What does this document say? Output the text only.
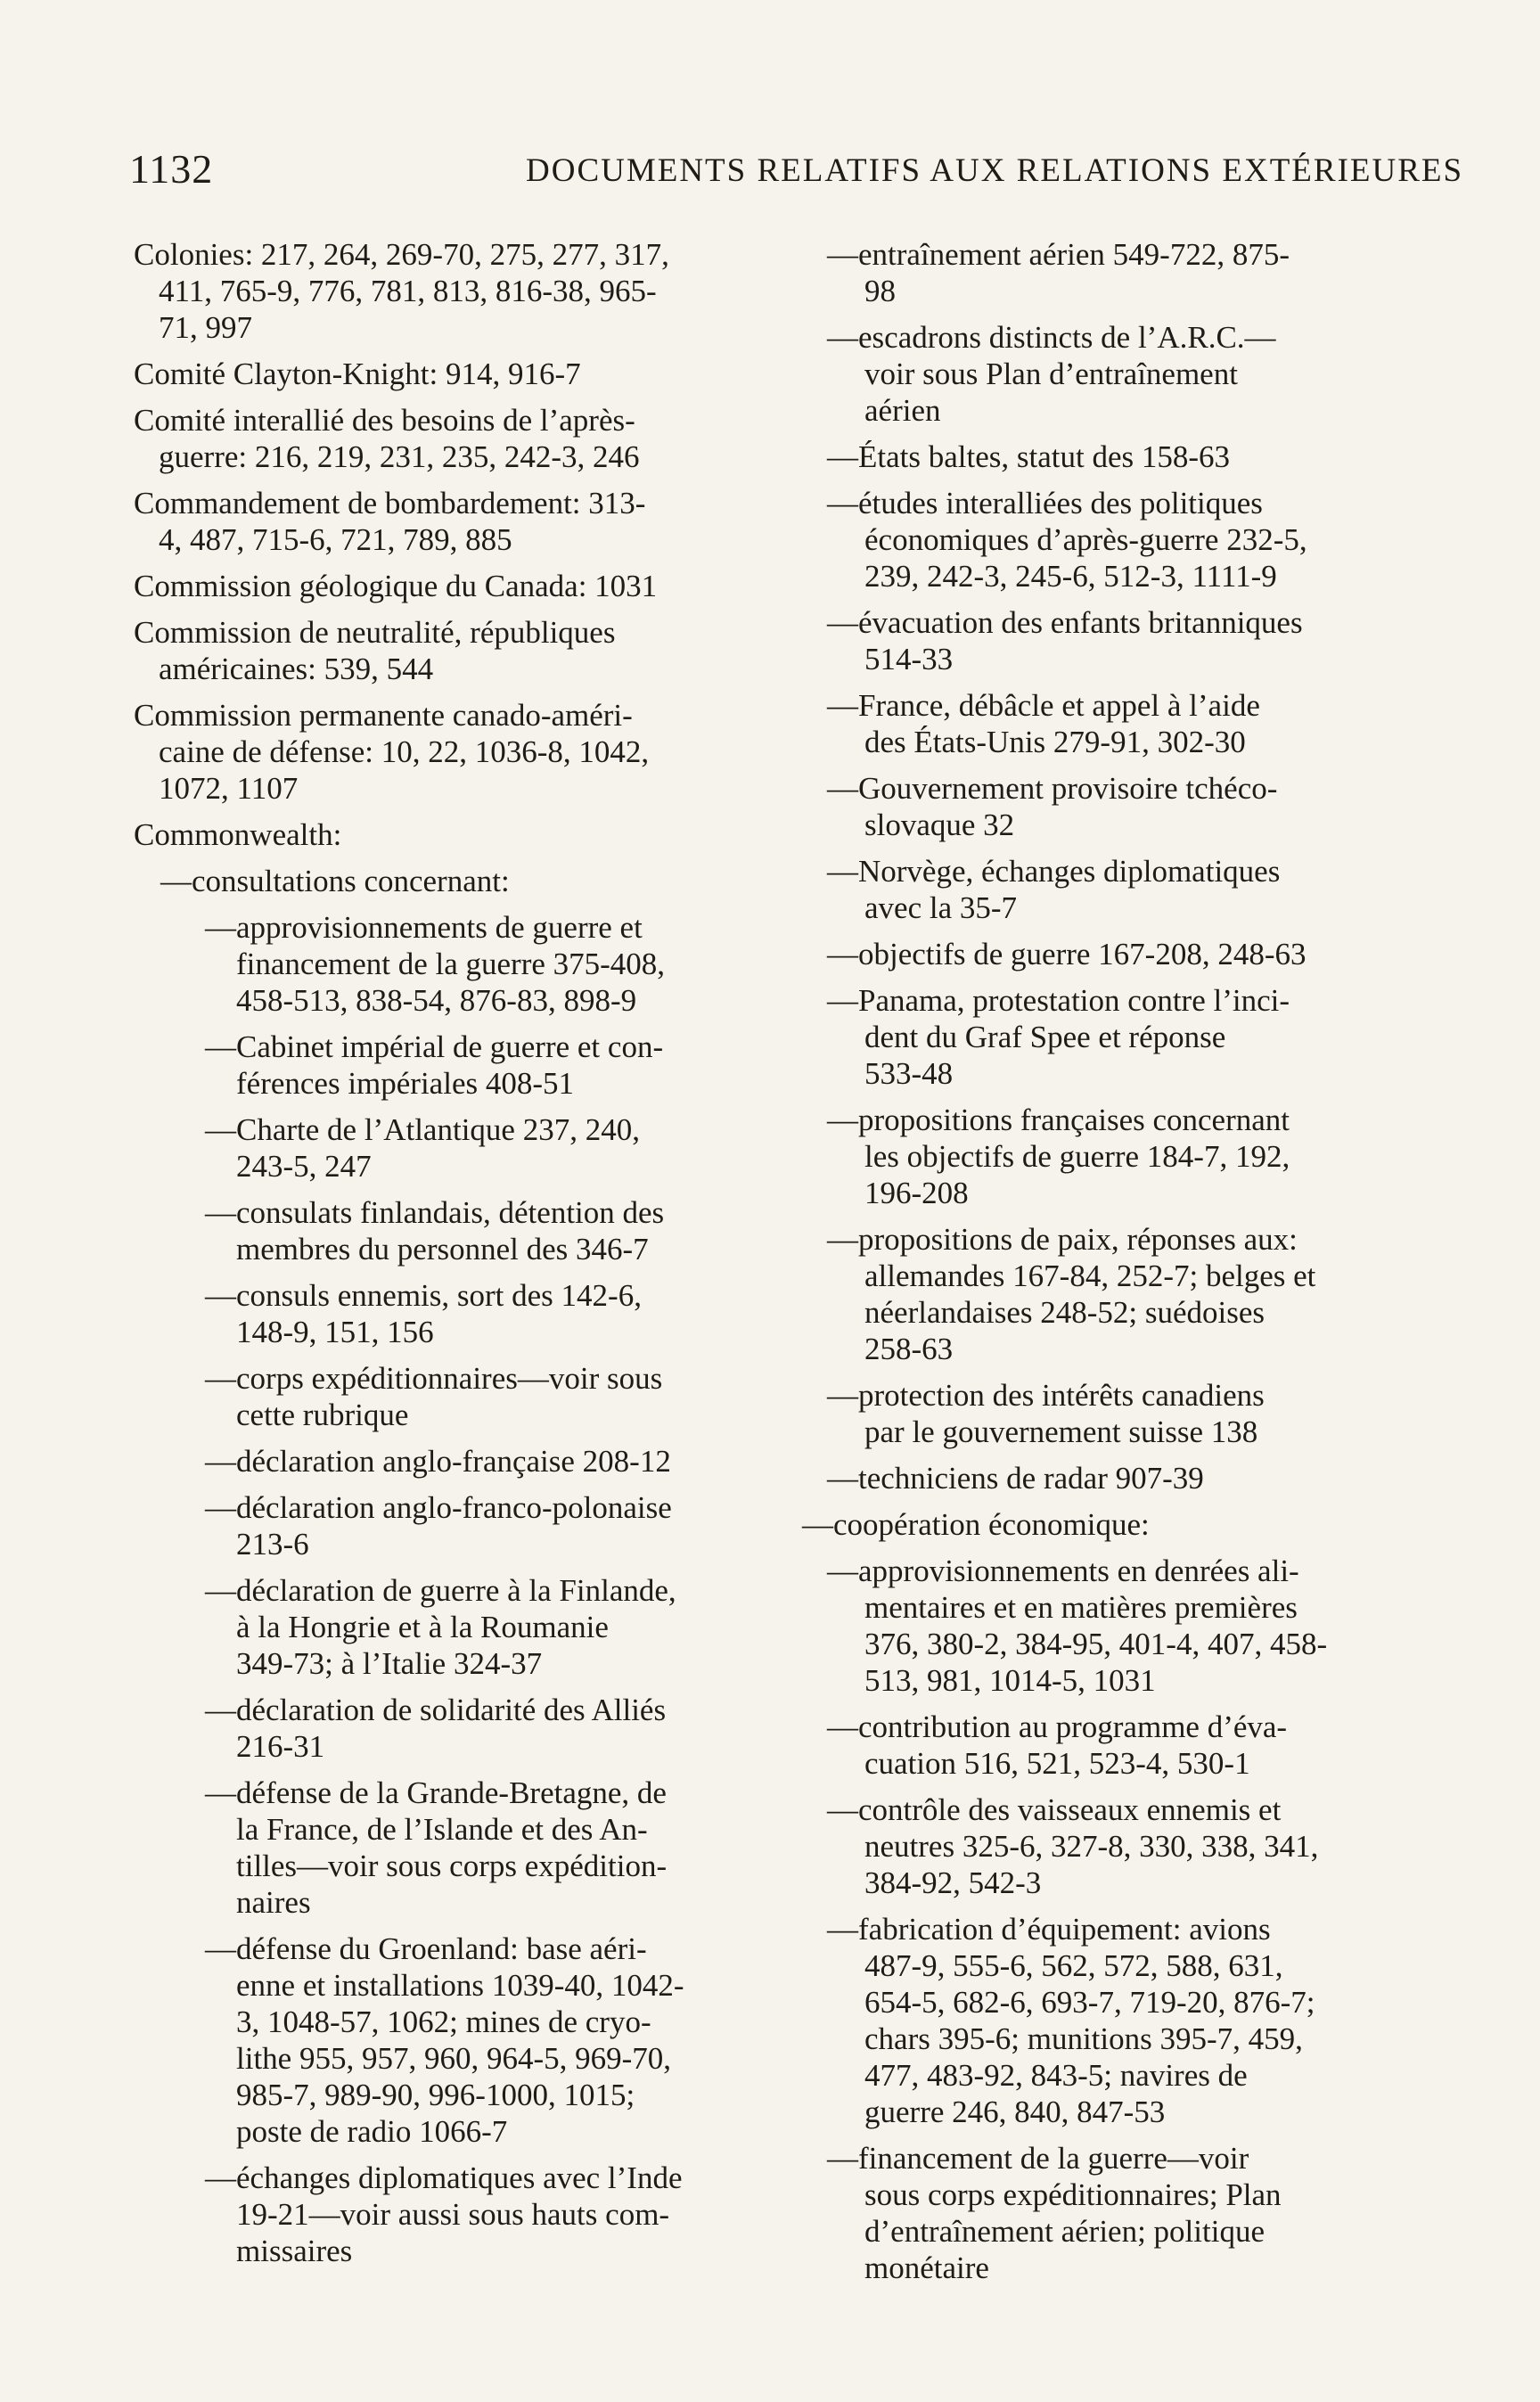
1132	DOCUMENTS RELATIFS AUX RELATIONS EXTÉRIEURES
Colonies: 217, 264, 269-70, 275, 277, 317,
411, 765-9, 776, 781, 813, 816-38, 965-
71, 997
Comité Clayton-Knight: 914, 916-7
Comité interallié des besoins de l’après-
guerre: 216, 219, 231, 235, 242-3, 246
Commandement de bombardement: 313-
4, 487, 715-6, 721, 789, 885
Commission géologique du Canada: 1031
Commission de neutralité, républiques
américaines: 539, 544
Commission permanente canado-améri-
caine de défense: 10, 22, 1036-8, 1042,
1072, 1107
Commonwealth:
—consultations concernant:
—approvisionnements de guerre et
financement de la guerre 375-408,
458-513, 838-54, 876-83, 898-9
—Cabinet impérial de guerre et con-
férences impériales 408-51
—Charte de l’Atlantique 237, 240,
243-5, 247
—consulats finlandais, détention des
membres du personnel des 346-7
—consuls ennemis, sort des 142-6,
148-9, 151, 156
—corps expéditionnaires—voir sous
cette rubrique
—déclaration anglo-française 208-12
—déclaration anglo-franco-polonaise
213-6
—déclaration de guerre à la Finlande,
à la Hongrie et à la Roumanie
349-73; à l’Italie 324-37
—déclaration de solidarité des Alliés
216-31
—défense de la Grande-Bretagne, de
la France, de l’Islande et des An-
tilles—voir sous corps expédition-
naires
—défense du Groenland: base aéri-
enne et installations 1039-40, 1042-
3, 1048-57, 1062; mines de cryo-
lithe 955, 957, 960, 964-5, 969-70,
985-7, 989-90, 996-1000, 1015;
poste de radio 1066-7
—échanges diplomatiques avec l’Inde
19-21—voir aussi sous hauts com-
missaires
—entraînement aérien 549-722, 875-
98
—escadrons distincts de l’A.R.C.—
voir sous Plan d’entraînement
aérien
—États baltes, statut des 158-63
—études interalliées des politiques
économiques d’après-guerre 232-5,
239, 242-3, 245-6, 512-3, 1111-9
—évacuation des enfants britanniques
514-33
—France, débâcle et appel à l’aide
des États-Unis 279-91, 302-30
—Gouvernement provisoire tchéco-
slovaque 32
—Norvège, échanges diplomatiques
avec la 35-7
—objectifs de guerre 167-208, 248-63
—Panama, protestation contre l’inci-
dent du Graf Spee et réponse
533-48
—propositions françaises concernant
les objectifs de guerre 184-7, 192,
196-208
—propositions de paix, réponses aux:
allemandes 167-84, 252-7; belges et
néerlandaises 248-52; suédoises
258-63
—protection des intérêts canadiens
par le gouvernement suisse 138
—techniciens de radar 907-39
—coopération économique:
—approvisionnements en denrées ali-
mentaires et en matières premières
376, 380-2, 384-95, 401-4, 407, 458-
513, 981, 1014-5, 1031
—contribution au programme d’éva-
cuation 516, 521, 523-4, 530-1
—contrôle des vaisseaux ennemis et
neutres 325-6, 327-8, 330, 338, 341,
384-92, 542-3
—fabrication d’équipement: avions
487-9, 555-6, 562, 572, 588, 631,
654-5, 682-6, 693-7, 719-20, 876-7;
chars 395-6; munitions 395-7, 459,
477, 483-92, 843-5; navires de
guerre 246, 840, 847-53
—financement de la guerre—voir
sous corps expéditionnaires; Plan
d’entraînement aérien; politique
monétaire
